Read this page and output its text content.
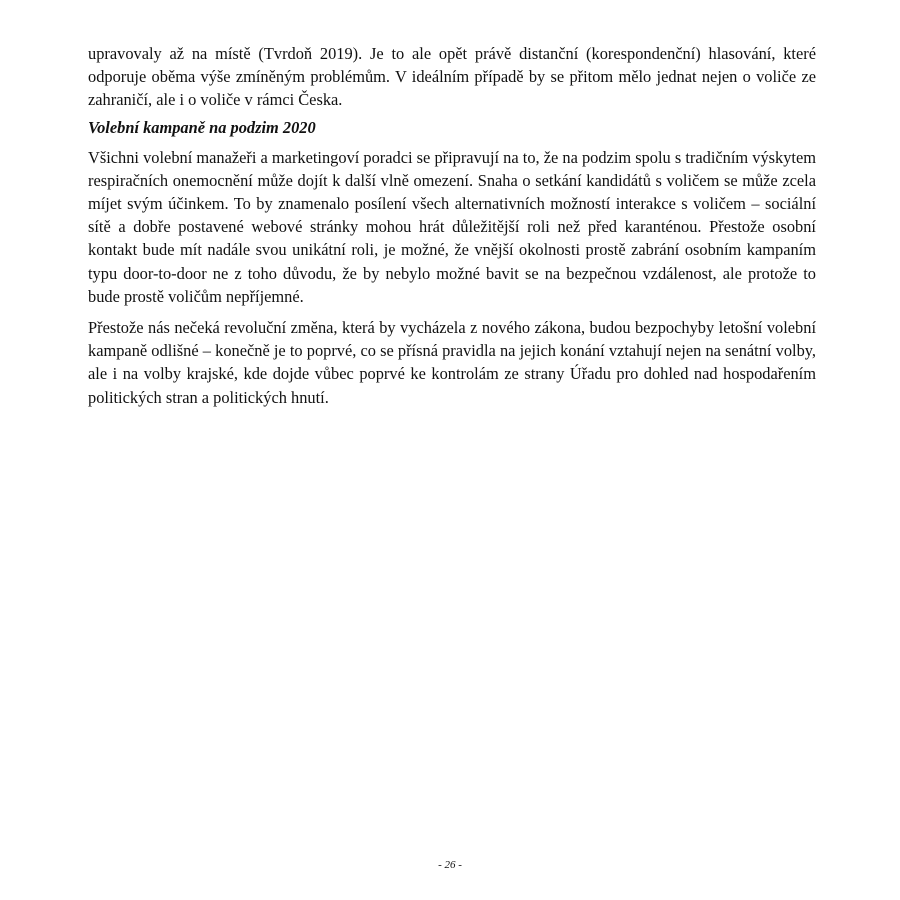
upravovaly až na místě (Tvrdoň 2019). Je to ale opět právě distanční (korespondenční) hlasování, které odporuje oběma výše zmíněným problémům. V ideálním případě by se přitom mělo jednat nejen o voliče ze zahraničí, ale i o voliče v rámci Česka.

Volební kampaně na podzim 2020

Všichni volební manažeři a marketingoví poradci se připravují na to, že na podzim spolu s tradičním výskytem respiračních onemocnění může dojít k další vlně omezení. Snaha o setkání kandidátů s voličem se může zcela míjet svým účinkem. To by znamenalo posílení všech alternativních možností interakce s voličem – sociální sítě a dobře postavené webové stránky mohou hrát důležitější roli než před karanténou. Přestože osobní kontakt bude mít nadále svou unikátní roli, je možné, že vnější okolnosti prostě zabrání osobním kampaním typu door-to-door ne z toho důvodu, že by nebylo možné bavit se na bezpečnou vzdálenost, ale protože to bude prostě voličům nepříjemné.

Přestože nás nečeká revoluční změna, která by vycházela z nového zákona, budou bezpochyby letošní volební kampaně odlišné – konečně je to poprvé, co se přísná pravidla na jejich konání vztahují nejen na senátní volby, ale i na volby krajské, kde dojde vůbec poprvé ke kontrolám ze strany Úřadu pro dohled nad hospodařením politických stran a politických hnutí.

- 26 -
